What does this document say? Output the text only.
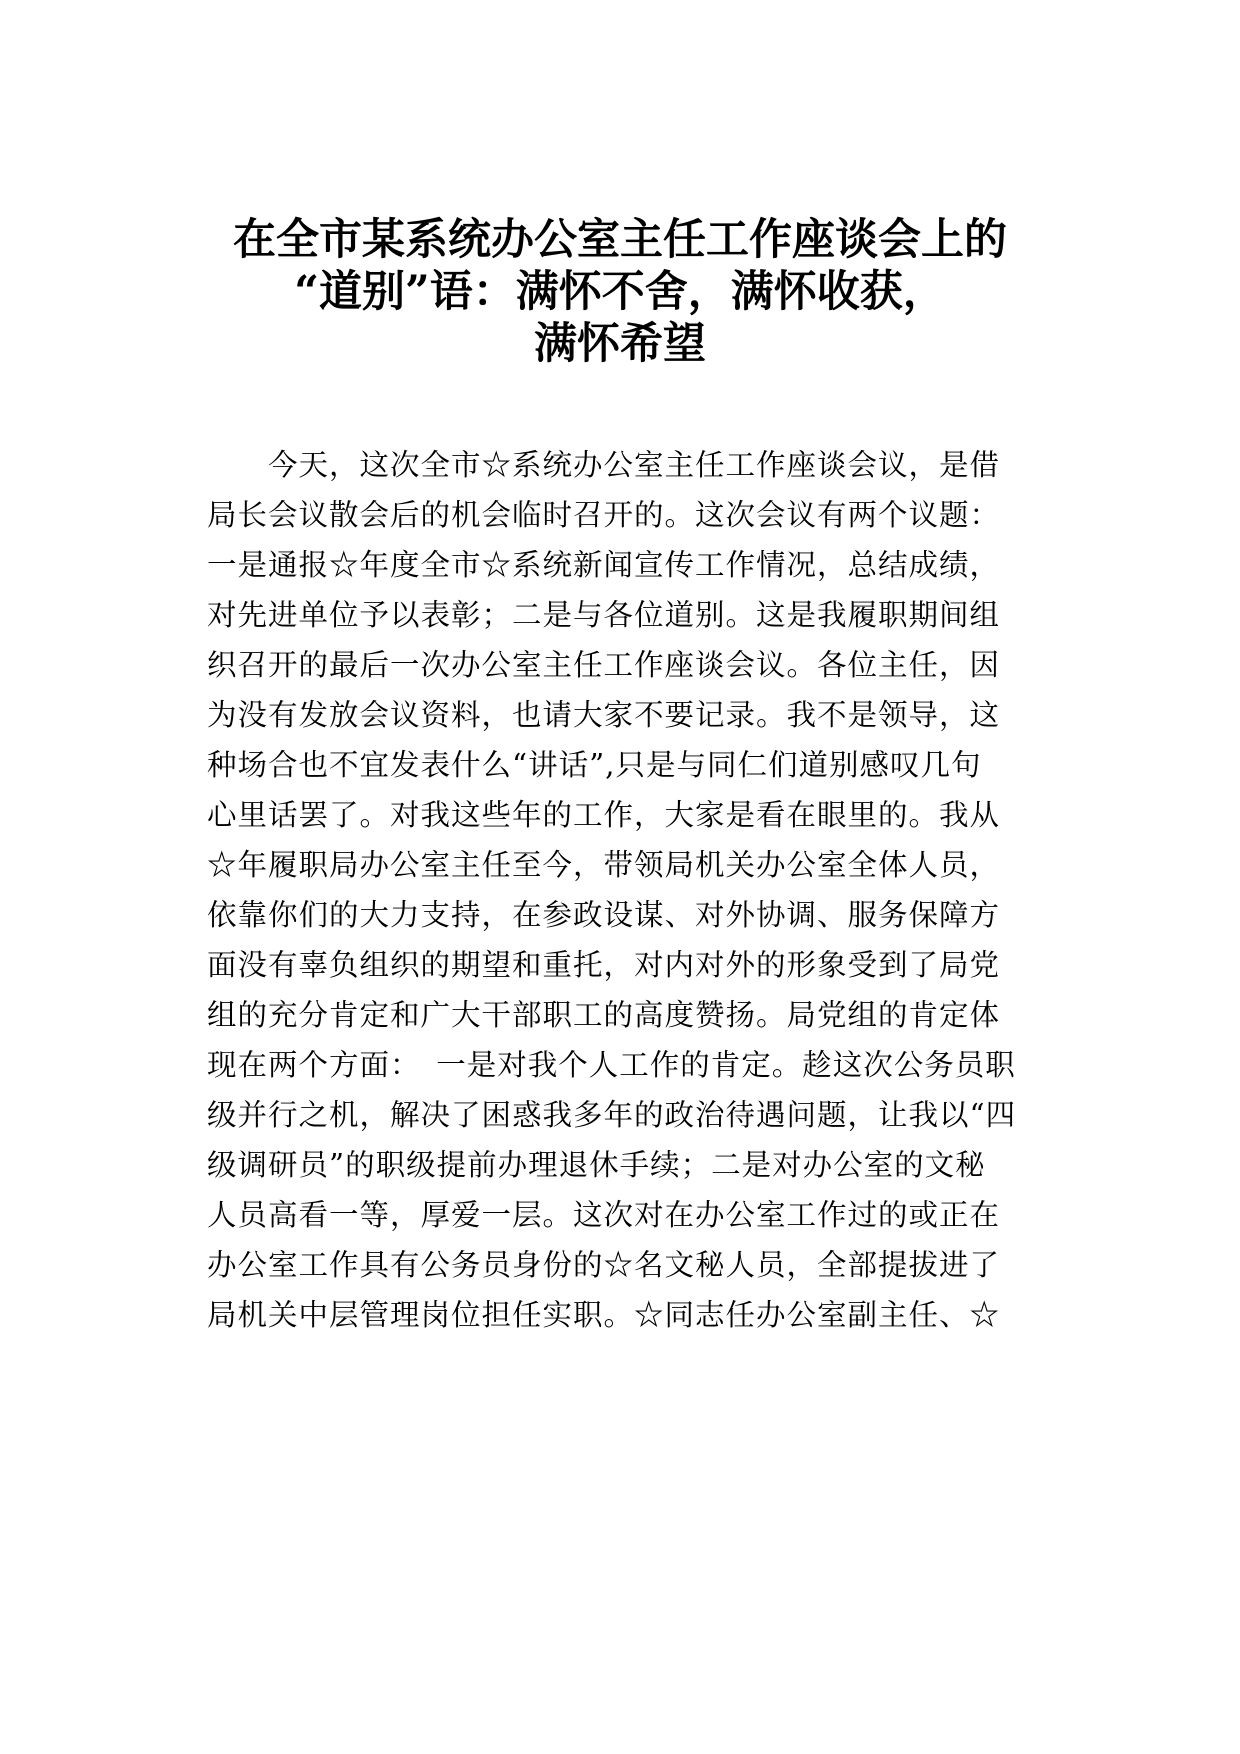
在全市某系统办公室主任工作座谈会上的
“道别”语：满怀不舍，满怀收获，
满怀希望
　　今天，这次全市☆系统办公室主任工作座谈会议，是借
局长会议散会后的机会临时召开的。这次会议有两个议题：
一是通报☆年度全市☆系统新闻宣传工作情况，总结成绩，
对先进单位予以表彰；二是与各位道别。这是我履职期间组
织召开的最后一次办公室主任工作座谈会议。各位主任，因
为没有发放会议资料，也请大家不要记录。我不是领导，这
种场合也不宜发表什么“讲话”,只是与同仁们道别感叹几句
心里话罢了。对我这些年的工作，大家是看在眼里的。我从
☆年履职局办公室主任至今，带领局机关办公室全体人员，
依靠你们的大力支持，在参政设谋、对外协调、服务保障方
面没有辜负组织的期望和重托，对内对外的形象受到了局党
组的充分肯定和广大干部职工的高度赞扬。局党组的肯定体
现在两个方面：　一是对我个人工作的肯定。趁这次公务员职
级并行之机，解决了困惑我多年的政治待遇问题，让我以“四
级调研员”的职级提前办理退休手续；二是对办公室的文秘
人员高看一等，厚爱一层。这次对在办公室工作过的或正在
办公室工作具有公务员身份的☆名文秘人员，全部提拔进了
局机关中层管理岗位担任实职。☆同志任办公室副主任、☆
